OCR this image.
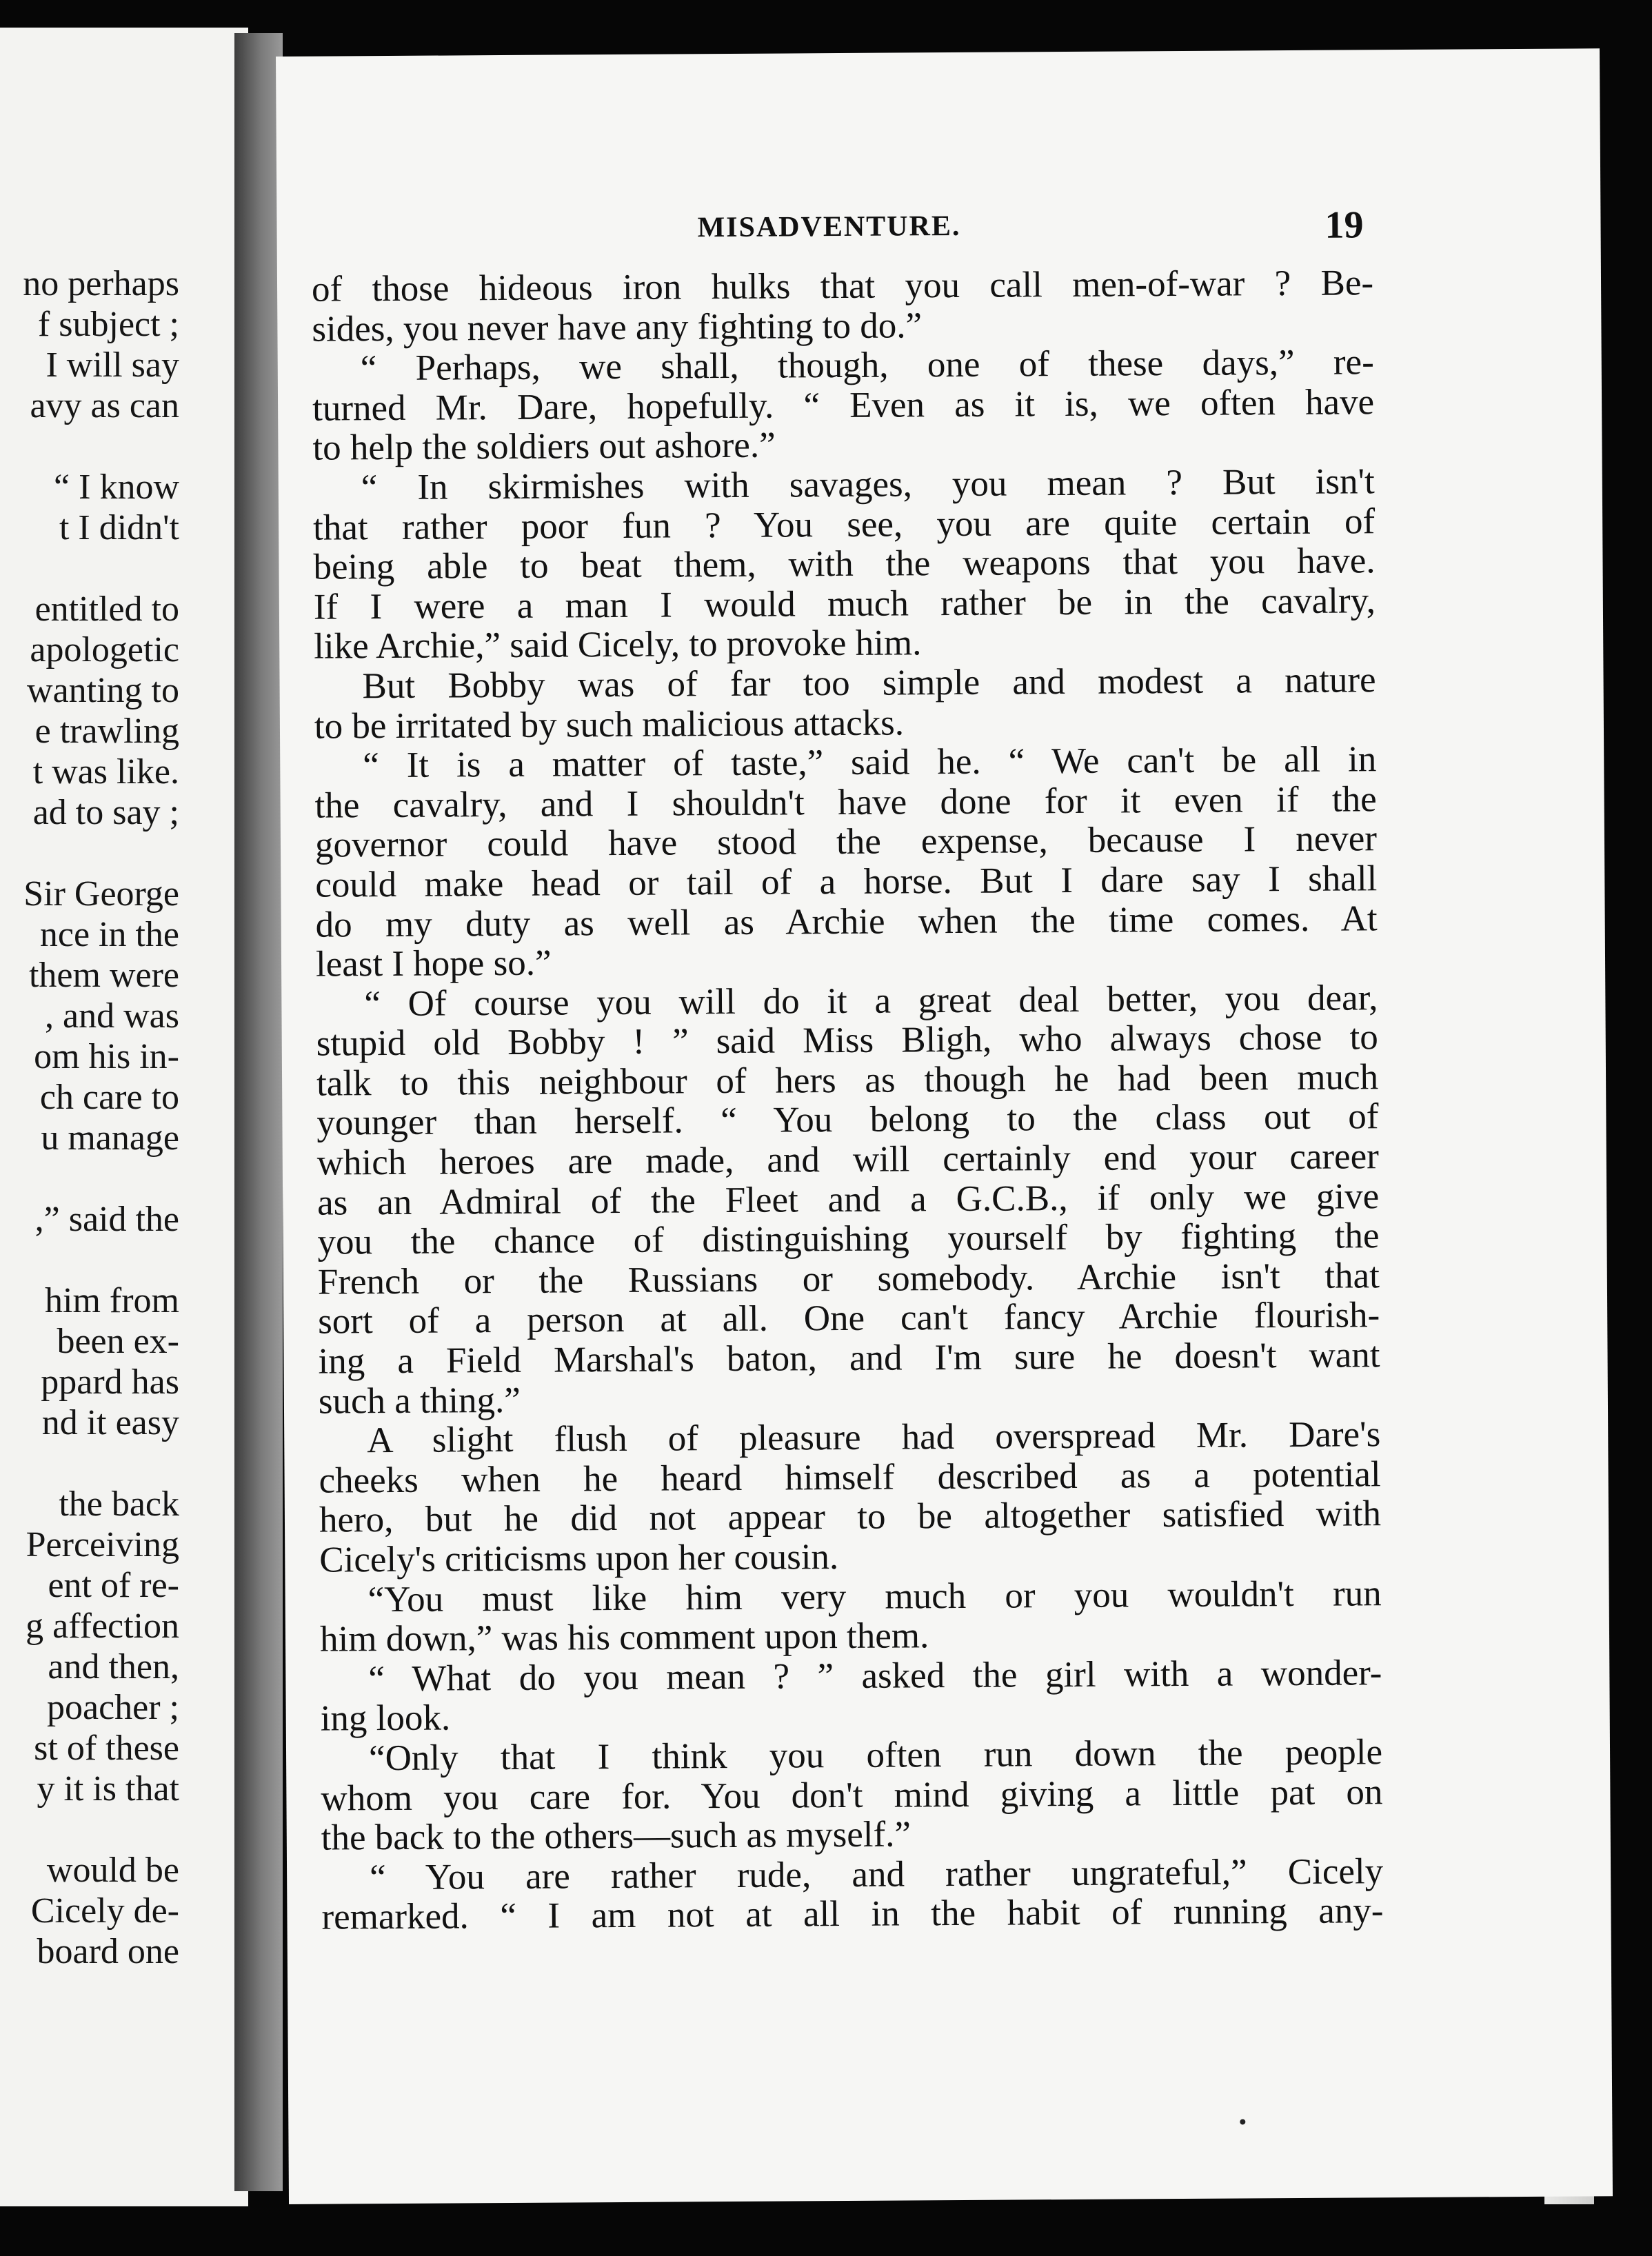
no perhaps
f subject ;
I will say
avy as can
“ I know
t I didn't
entitled to
apologetic
wanting to
e trawling
t was like.
ad to say ;
Sir George
nce in the
them were
, and was
om his in-
ch care to
u manage
,” said the
him from
been ex-
ppard has
nd it easy
the back
Perceiving
ent of re-
g affection
and then,
poacher ;
st of these
y it is that
would be
Cicely de-
board one
MISADVENTURE.	19
of those hideous iron hulks that you call men-of-war ? Be-
sides, you never have any fighting to do.”
“ Perhaps, we shall, though, one of these days,” re-
turned Mr. Dare, hopefully. “ Even as it is, we often have
to help the soldiers out ashore.”
“ In skirmishes with savages, you mean ? But isn't
that rather poor fun ? You see, you are quite certain of
being able to beat them, with the weapons that you have.
If I were a man I would much rather be in the cavalry,
like Archie,” said Cicely, to provoke him.
But Bobby was of far too simple and modest a nature
to be irritated by such malicious attacks.
“ It is a matter of taste,” said he. “ We can't be all in
the cavalry, and I shouldn't have done for it even if the
governor could have stood the expense, because I never
could make head or tail of a horse. But I dare say I shall
do my duty as well as Archie when the time comes. At
least I hope so.”
“ Of course you will do it a great deal better, you dear,
stupid old Bobby ! ” said Miss Bligh, who always chose to
talk to this neighbour of hers as though he had been much
younger than herself. “ You belong to the class out of
which heroes are made, and will certainly end your career
as an Admiral of the Fleet and a G.C.B., if only we give
you the chance of distinguishing yourself by fighting the
French or the Russians or somebody. Archie isn't that
sort of a person at all. One can't fancy Archie flourish-
ing a Field Marshal's baton, and I'm sure he doesn't want
such a thing.”
A slight flush of pleasure had overspread Mr. Dare's
cheeks when he heard himself described as a potential
hero, but he did not appear to be altogether satisfied with
Cicely's criticisms upon her cousin.
“You must like him very much or you wouldn't run
him down,” was his comment upon them.
“ What do you mean ? ” asked the girl with a wonder-
ing look.
“Only that I think you often run down the people
whom you care for. You don't mind giving a little pat on
the back to the others—such as myself.”
“ You are rather rude, and rather ungrateful,” Cicely
remarked. “ I am not at all in the habit of running any-
